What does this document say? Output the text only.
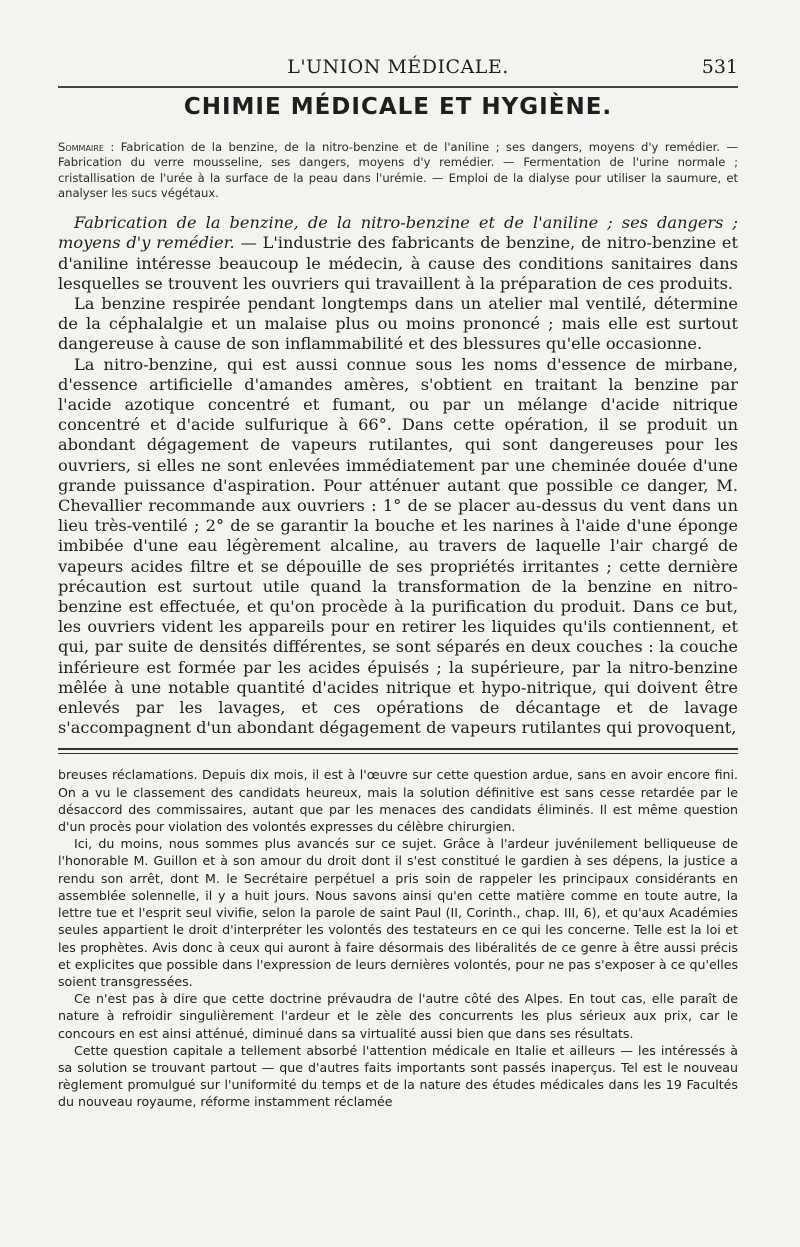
L'UNION MÉDICALE.	531
CHIMIE MÉDICALE ET HYGIÈNE.
Sommaire : Fabrication de la benzine, de la nitro-benzine et de l'aniline ; ses dangers, moyens d'y remédier. — Fabrication du verre mousseline, ses dangers, moyens d'y remédier. — Fermentation de l'urine normale ; cristallisation de l'urée à la surface de la peau dans l'urémie. — Emploi de la dialyse pour utiliser la saumure, et analyser les sucs végétaux.

Fabrication de la benzine, de la nitro-benzine et de l'aniline ; ses dangers ; moyens d'y remédier. — L'industrie des fabricants de benzine, de nitro-benzine et d'aniline intéresse beaucoup le médecin, à cause des conditions sanitaires dans lesquelles se trouvent les ouvriers qui travaillent à la préparation de ces produits.

La benzine respirée pendant longtemps dans un atelier mal ventilé, détermine de la céphalalgie et un malaise plus ou moins prononcé ; mais elle est surtout dangereuse à cause de son inflammabilité et des blessures qu'elle occasionne.

La nitro-benzine, qui est aussi connue sous les noms d'essence de mirbane, d'essence artificielle d'amandes amères, s'obtient en traitant la benzine par l'acide azotique concentré et fumant, ou par un mélange d'acide nitrique concentré et d'acide sulfurique à 66°. Dans cette opération, il se produit un abondant dégagement de vapeurs rutilantes, qui sont dangereuses pour les ouvriers, si elles ne sont enlevées immédiatement par une cheminée douée d'une grande puissance d'aspiration. Pour atténuer autant que possible ce danger, M. Chevallier recommande aux ouvriers : 1° de se placer au-dessus du vent dans un lieu très-ventilé ; 2° de se garantir la bouche et les narines à l'aide d'une éponge imbibée d'une eau légèrement alcaline, au travers de laquelle l'air chargé de vapeurs acides filtre et se dépouille de ses propriétés irritantes ; cette dernière précaution est surtout utile quand la transformation de la benzine en nitro-benzine est effectuée, et qu'on procède à la purification du produit. Dans ce but, les ouvriers vident les appareils pour en retirer les liquides qu'ils contiennent, et qui, par suite de densités différentes, se sont séparés en deux couches : la couche inférieure est formée par les acides épuisés ; la supérieure, par la nitro-benzine mêlée à une notable quantité d'acides nitrique et hypo-nitrique, qui doivent être enlevés par les lavages, et ces opérations de décantage et de lavage s'accompagnent d'un abondant dégagement de vapeurs rutilantes qui provoquent,

breuses réclamations. Depuis dix mois, il est à l'œuvre sur cette question ardue, sans en avoir encore fini. On a vu le classement des candidats heureux, mais la solution définitive est sans cesse retardée par le désaccord des commissaires, autant que par les menaces des candidats éliminés. Il est même question d'un procès pour violation des volontés expresses du célèbre chirurgien.

Ici, du moins, nous sommes plus avancés sur ce sujet. Grâce à l'ardeur juvénilement belliqueuse de l'honorable M. Guillon et à son amour du droit dont il s'est constitué le gardien à ses dépens, la justice a rendu son arrêt, dont M. le Secrétaire perpétuel a pris soin de rappeler les principaux considérants en assemblée solennelle, il y a huit jours. Nous savons ainsi qu'en cette matière comme en toute autre, la lettre tue et l'esprit seul vivifie, selon la parole de saint Paul (II, Corinth., chap. III, 6), et qu'aux Académies seules appartient le droit d'interpréter les volontés des testateurs en ce qui les concerne. Telle est la loi et les prophètes. Avis donc à ceux qui auront à faire désormais des libéralités de ce genre à être aussi précis et explicites que possible dans l'expression de leurs dernières volontés, pour ne pas s'exposer à ce qu'elles soient transgressées.

Ce n'est pas à dire que cette doctrine prévaudra de l'autre côté des Alpes. En tout cas, elle paraît de nature à refroidir singulièrement l'ardeur et le zèle des concurrents les plus sérieux aux prix, car le concours en est ainsi atténué, diminué dans sa virtualité aussi bien que dans ses résultats.

Cette question capitale a tellement absorbé l'attention médicale en Italie et ailleurs — les intéressés à sa solution se trouvant partout — que d'autres faits importants sont passés inaperçus. Tel est le nouveau règlement promulgué sur l'uniformité du temps et de la nature des études médicales dans les 19 Facultés du nouveau royaume, réforme instamment réclamée
